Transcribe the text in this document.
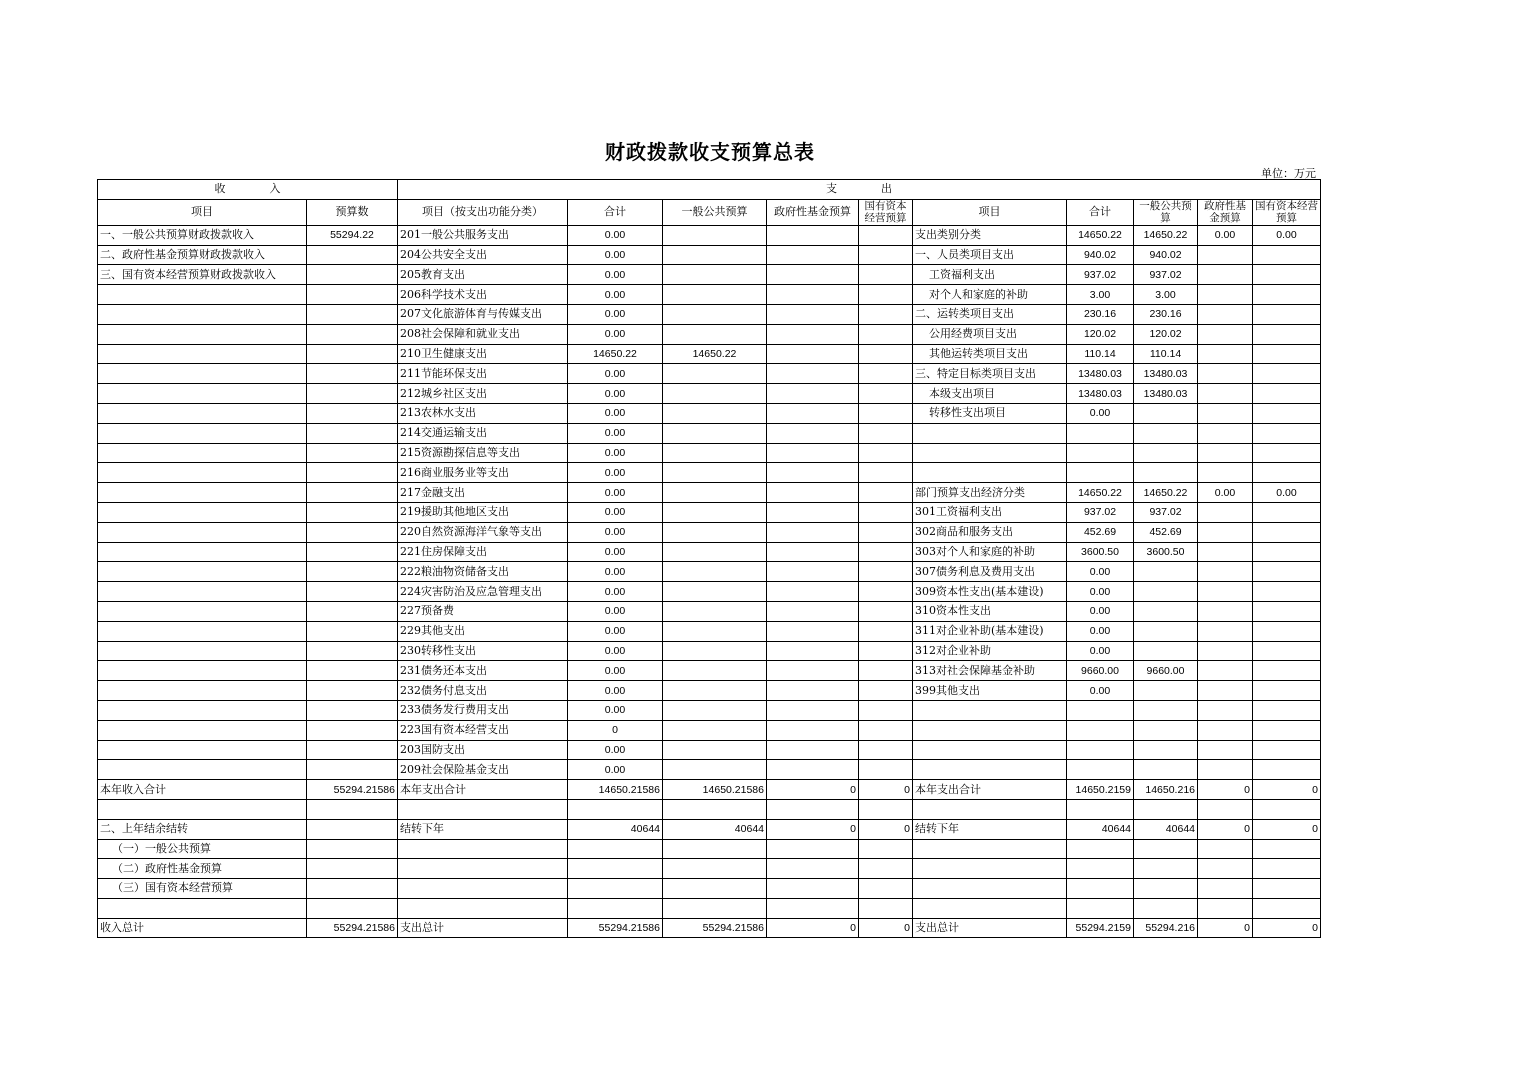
财政拨款收支预算总表
单位：万元
收　　　　入		支　　　　出									
项目	预算数	项目（按支出功能分类）	合计	一般公共预算	政府性基金预算	国有资本经营预算	项目	合计	一般公共预算	政府性基金预算	国有资本经营预算
一、一般公共预算财政拨款收入	55294.22	201一般公共服务支出	0.00				支出类别分类	14650.22	14650.22	0.00	0.00
二、政府性基金预算财政拨款收入		204公共安全支出	0.00				一、人员类项目支出	940.02	940.02		
三、国有资本经营预算财政拨款收入		205教育支出	0.00				工资福利支出	937.02	937.02		
		206科学技术支出	0.00				对个人和家庭的补助	3.00	3.00		
		207文化旅游体育与传媒支出	0.00				二、运转类项目支出	230.16	230.16		
		208社会保障和就业支出	0.00				公用经费项目支出	120.02	120.02		
		210卫生健康支出	14650.22	14650.22			其他运转类项目支出	110.14	110.14		
		211节能环保支出	0.00				三、特定目标类项目支出	13480.03	13480.03		
		212城乡社区支出	0.00				本级支出项目	13480.03	13480.03		
		213农林水支出	0.00				转移性支出项目	0.00			
		214交通运输支出	0.00								
		215资源勘探信息等支出	0.00								
		216商业服务业等支出	0.00								
		217金融支出	0.00				部门预算支出经济分类	14650.22	14650.22	0.00	0.00
		219援助其他地区支出	0.00				301工资福利支出	937.02	937.02		
		220自然资源海洋气象等支出	0.00				302商品和服务支出	452.69	452.69		
		221住房保障支出	0.00				303对个人和家庭的补助	3600.50	3600.50		
		222粮油物资储备支出	0.00				307债务利息及费用支出	0.00			
		224灾害防治及应急管理支出	0.00				309资本性支出(基本建设)	0.00			
		227预备费	0.00				310资本性支出	0.00			
		229其他支出	0.00				311对企业补助(基本建设)	0.00			
		230转移性支出	0.00				312对企业补助	0.00			
		231债务还本支出	0.00				313对社会保障基金补助	9660.00	9660.00		
		232债务付息支出	0.00				399其他支出	0.00			
		233债务发行费用支出	0.00								
		223国有资本经营支出	0								
		203国防支出	0.00								
		209社会保险基金支出	0.00								
本年收入合计	55294.21586	本年支出合计	14650.21586	14650.21586	0	0	本年支出合计	14650.2159	14650.216	0	0

二、上年结余结转		结转下年	40644	40644	0	0	结转下年	40644	40644	0	0
（一）一般公共预算											
（二）政府性基金预算											
（三）国有资本经营预算											

收入总计	55294.21586	支出总计	55294.21586	55294.21586	0	0	支出总计	55294.2159	55294.216	0	0
